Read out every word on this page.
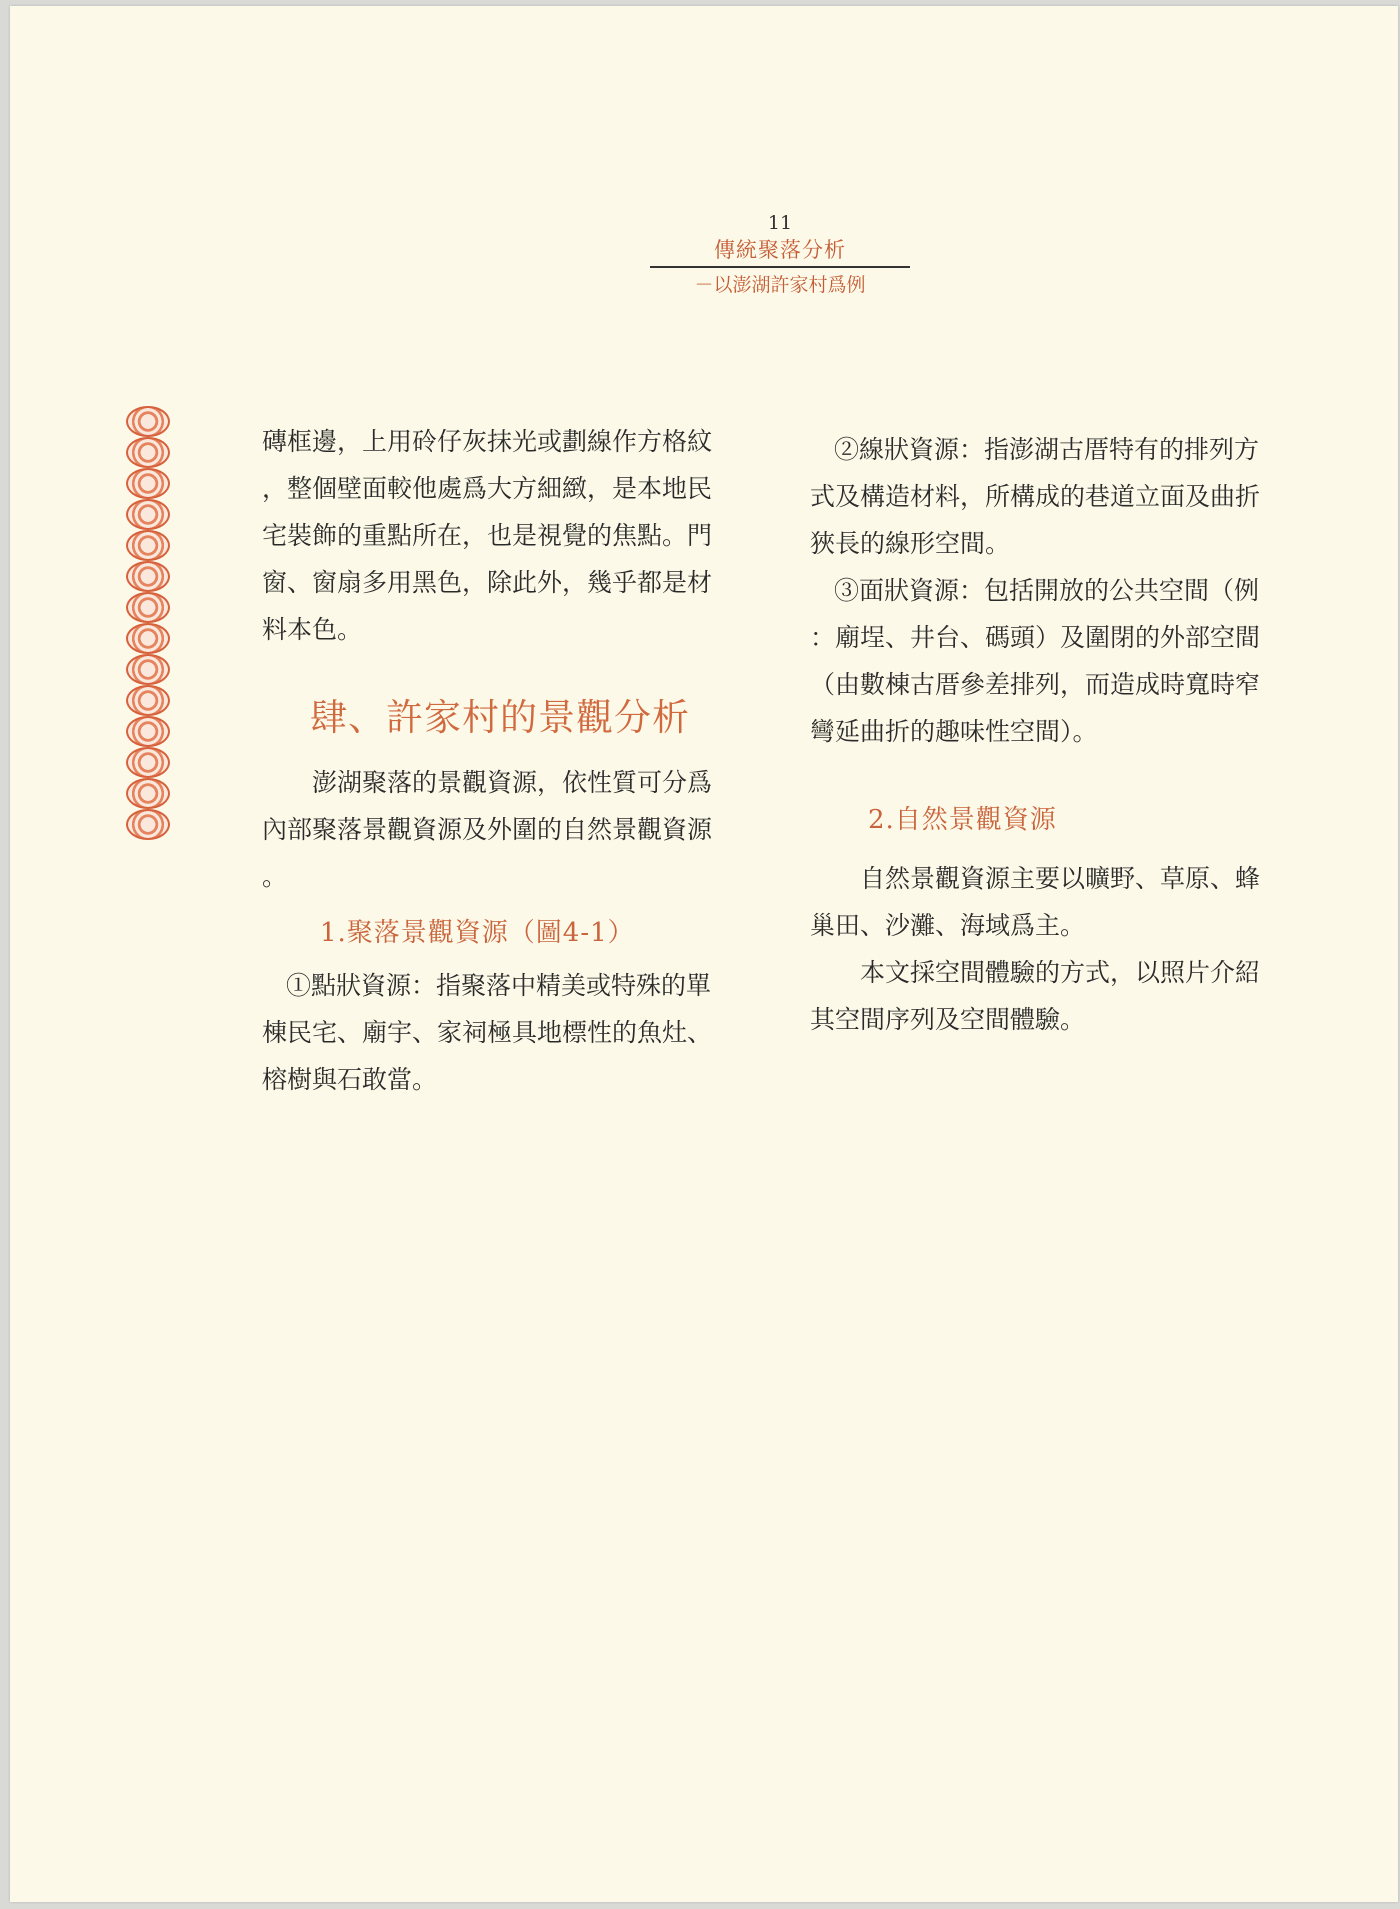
11
傳統聚落分析
－以澎湖許家村爲例

磚框邊，上用砱仔灰抹光或劃線作方格紋

，整個壁面較他處爲大方細緻，是本地民

宅裝飾的重點所在，也是視覺的焦點。門

窗、窗扇多用黑色，除此外，幾乎都是材

料本色。

肆、許家村的景觀分析

澎湖聚落的景觀資源，依性質可分爲

內部聚落景觀資源及外圍的自然景觀資源

。

1.聚落景觀資源（圖4-1）

①點狀資源：指聚落中精美或特殊的單

棟民宅、廟宇、家祠極具地標性的魚灶、

榕樹與石敢當。

②線狀資源：指澎湖古厝特有的排列方

式及構造材料，所構成的巷道立面及曲折

狹長的線形空間。

③面狀資源：包括開放的公共空間（例

：廟埕、井台、碼頭）及圍閉的外部空間

（由數棟古厝參差排列，而造成時寬時窄

彎延曲折的趣味性空間）。

2.自然景觀資源

自然景觀資源主要以曠野、草原、蜂

巢田、沙灘、海域爲主。

本文採空間體驗的方式，以照片介紹

其空間序列及空間體驗。
